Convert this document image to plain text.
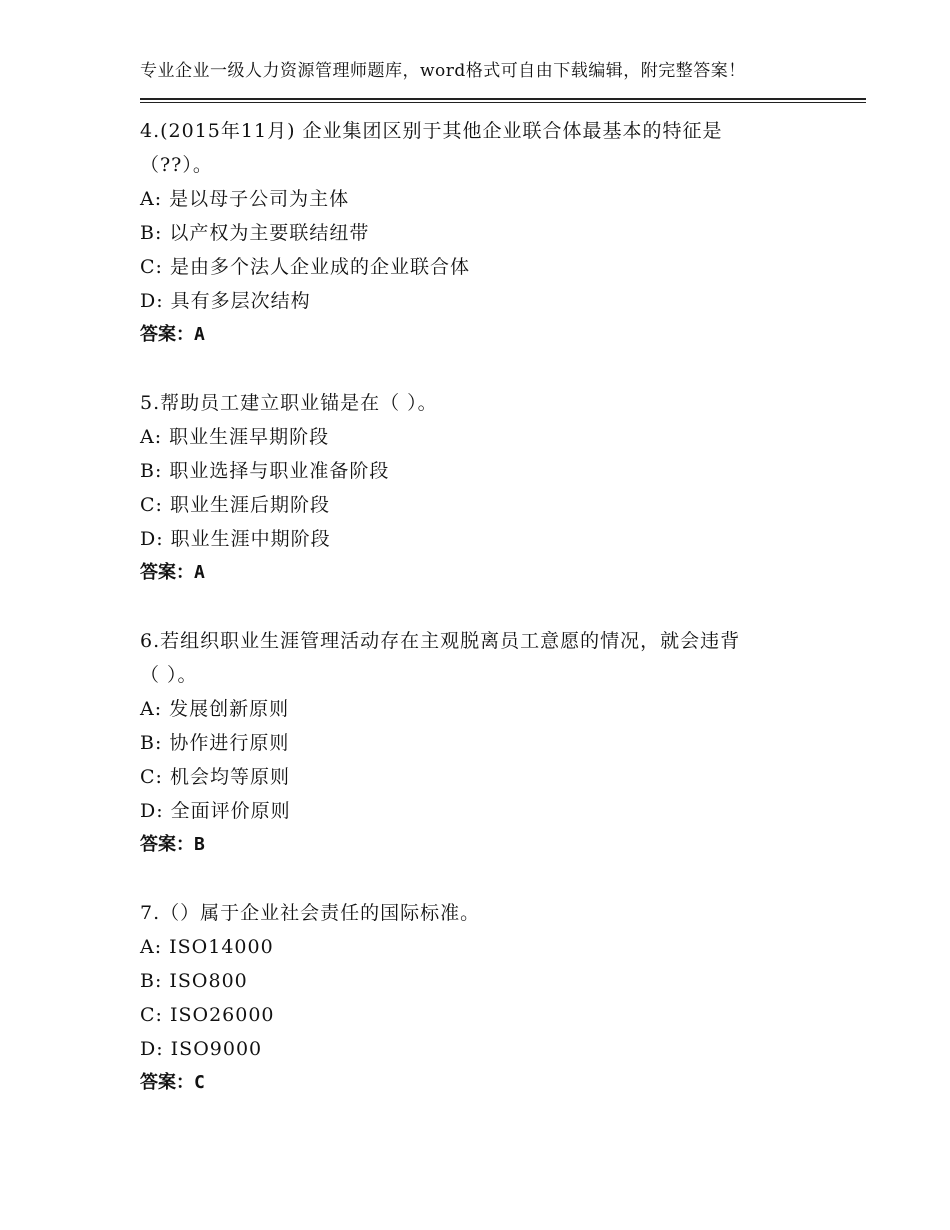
专业企业一级人力资源管理师题库，word格式可自由下载编辑，附完整答案！
4.(2015年11月) 企业集团区别于其他企业联合体最基本的特征是
（??）。
A: 是以母子公司为主体
B: 以产权为主要联结纽带
C: 是由多个法人企业成的企业联合体
D: 具有多层次结构
答案：A
5.帮助员工建立职业锚是在（ ）。
A: 职业生涯早期阶段
B: 职业选择与职业准备阶段
C: 职业生涯后期阶段
D: 职业生涯中期阶段
答案：A
6.若组织职业生涯管理活动存在主观脱离员工意愿的情况，就会违背
（ ）。
A: 发展创新原则
B: 协作进行原则
C: 机会均等原则
D: 全面评价原则
答案：B
7.（）属于企业社会责任的国际标准。
A: ISO14000
B: ISO800
C: ISO26000
D: ISO9000
答案：C
